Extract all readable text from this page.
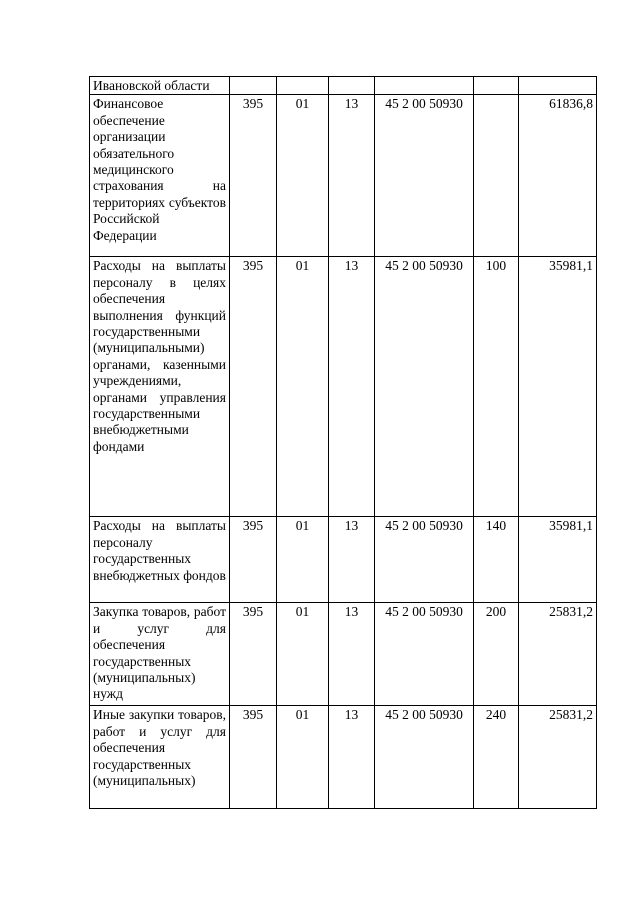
Ивановской области						
Финансовое обеспечение организации обязательного медицинского страхования на территориях субъектов Российской Федерации	395	01	13	45 2 00 50930		61836,8
Расходы на выплаты персоналу в целях обеспечения выполнения функций государственными (муниципальными) органами, казенными учреждениями, органами управления государственными внебюджетными фондами	395	01	13	45 2 00 50930	100	35981,1
Расходы на выплаты персоналу государственных внебюджетных фондов	395	01	13	45 2 00 50930	140	35981,1
Закупка товаров, работ и услуг для обеспечения государственных (муниципальных) нужд	395	01	13	45 2 00 50930	200	25831,2
Иные закупки товаров, работ и услуг для обеспечения государственных (муниципальных)	395	01	13	45 2 00 50930	240	25831,2
